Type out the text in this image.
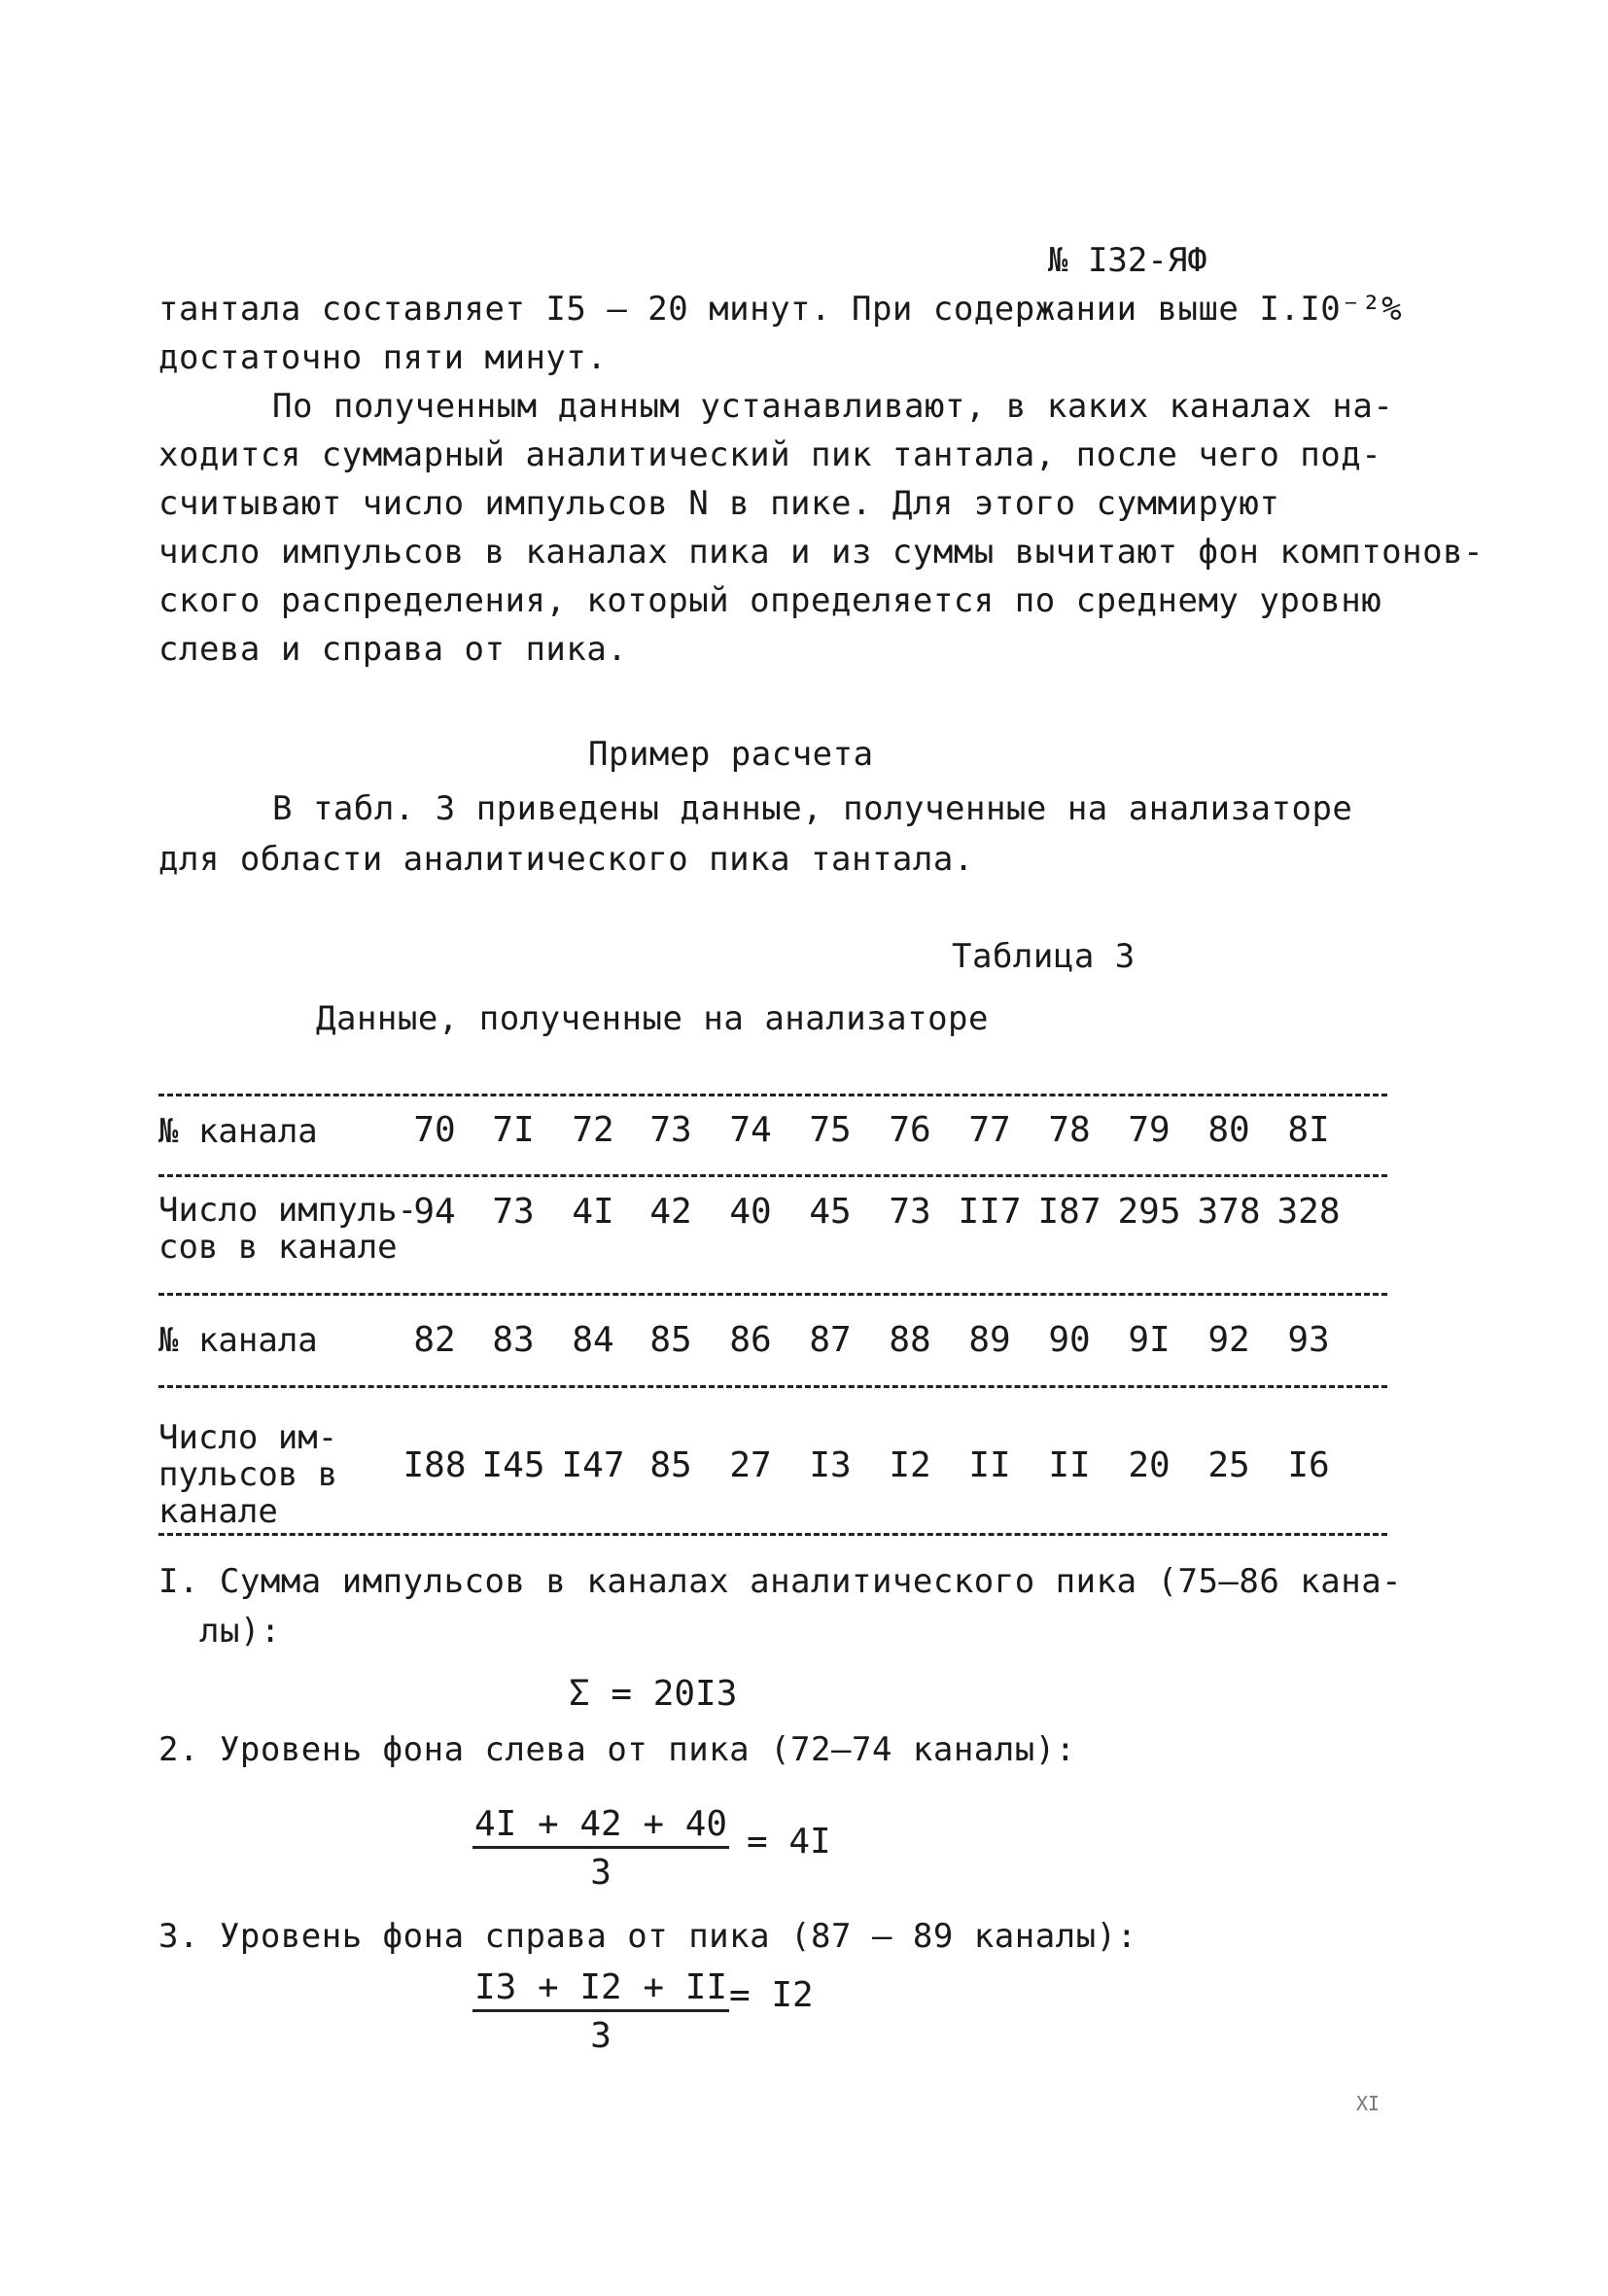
№ I32-ЯФ
тантала составляет I5 – 20 минут. При содержании выше I.I0⁻²%
достаточно пяти минут.
По полученным данным устанавливают, в каких каналах на-
ходится суммарный аналитический пик тантала, после чего под-
считывают число импульсов N в пике. Для этого суммируют
число импульсов в каналах пика и из суммы вычитают фон комптонов-
ского распределения, который определяется по среднему уровню
слева и справа от пика.
Пример расчета
В табл. 3 приведены данные, полученные на анализаторе
для области аналитического пика тантала.
Таблица 3
Данные, полученные на анализаторе
№ канала	70	7I	72	73	74	75	76	77	78	79	80	8I
Число импуль-
сов в канале
94	73	4I	42	40	45	73 II7 I87 295 378 328
№ канала	82	83	84	85	86	87	88	89	90	9I	92	93
Число им-
пульсов в
канале
I88 I45 I47 85	27	I3	I2	II	II	20	25	I6
I. Сумма импульсов в каналах аналитического пика (75–86 кана-
лы):
Σ = 20I3
2. Уровень фона слева от пика (72–74 каналы):
$\frac{4I + 42 + 40}{3} = 4I$
3. Уровень фона справа от пика (87 – 89 каналы):
$\frac{I3 + I2 + II}{3} = I2$
XI
